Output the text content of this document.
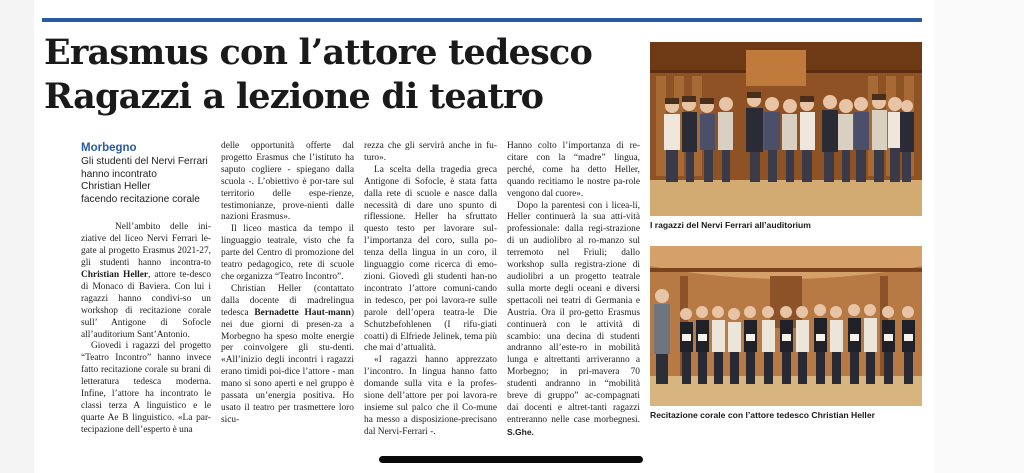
Erasmus con l’attore tedesco
Ragazzi a lezione di teatro
Morbegno
Gli studenti del Nervi Ferrari
hanno incontrato
Christian Heller
facendo recitazione corale

Nell’ambito delle ini-ziative del liceo Nervi Ferrari le-gate al progetto Erasmus 2021-27, gli studenti hanno incontra-to Christian Heller, attore te-desco di Monaco di Baviera. Con lui i ragazzi hanno condivi-so un workshop di recitazione corale sull’ Antigone di Sofocle all’auditorium Sant’Antonio.

Giovedì i ragazzi del progetto “Teatro Incontro” hanno invece fatto recitazione corale su brani di letteratura tedesca moderna. Infine, l’attore ha incontrato le classi terza A linguistico e le quarte Ae B linguistico. «La par-tecipazione dell’esperto è una

delle opportunità offerte dal progetto Erasmus che l’istituto ha saputo cogliere - spiegano dalla scuola -. L’obiettivo è por-tare sul territorio delle espe-rienze, testimonianze, prove-nienti dalle nazioni Erasmus».

Il liceo mastica da tempo il linguaggio teatrale, visto che fa parte del Centro di promozione del teatro pedagogico, rete di scuole che organizza “Teatro Incontro”.

Christian Heller (contattato dalla docente di madrelingua tedesca Bernadette Haut-mann) nei due giorni di presen-za a Morbegno ha speso molte energie per coinvolgere gli stu-denti. «All’inizio degli incontri i ragazzi erano timidi poi-dice l’attore - man mano si sono aperti e nel gruppo è passata un’energia positiva. Ho usato il teatro per trasmettere loro sicu-

rezza che gli servirà anche in fu-turo».

La scelta della tragedia greca Antigone di Sofocle, è stata fatta dalla rete di scuole e nasce dalla necessità di dare uno spunto di riflessione. Heller ha sfruttato questo testo per lavorare sul-l’importanza del coro, sulla po-tenza della lingua in un coro, il linguaggio come ricerca di emo-zioni. Giovedì gli studenti han-no incontrato l’attore comuni-cando in tedesco, per poi lavora-re sulle parole dell’opera teatra-le Die Schutzbefohlenen (I rifu-giati coatti) di Elfriede Jelinek, tema più che mai d’attualità.

«I ragazzi hanno apprezzato l’incontro. In lingua hanno fatto domande sulla vita e la profes-sione dell’attore per poi lavora-re insieme sul palco che il Co-mune ha messo a disposizione-precisano dal Nervi-Ferrari -.

Hanno colto l’importanza di re-citare con la “madre” lingua, perché, come ha detto Heller, quando recitiamo le nostre pa-role vengono dal cuore».

Dopo la parentesi con i licea-li, Heller continuerà la sua atti-vità professionale: dalla regi-strazione di un audiolibro al ro-manzo sul terremoto nel Friuli; dallo workshop sulla registra-zione di audiolibri a un progetto teatrale sulla morte degli oceani e diversi spettacoli nei teatri di Germania e Austria. Ora il pro-getto Erasmus continuerà con le attività di scambio: una decina di studenti andranno all’este-ro in mobilità lunga e altrettanti arriveranno a Morbegno; in pri-mavera 70 studenti andranno in “mobilità breve di gruppo” ac-compagnati dai docenti e altret-tanti ragazzi entreranno nelle case morbegnesi. S.Ghe.

I ragazzi del Nervi Ferrari all’auditorium
Recitazione corale con l’attore tedesco Christian Heller
